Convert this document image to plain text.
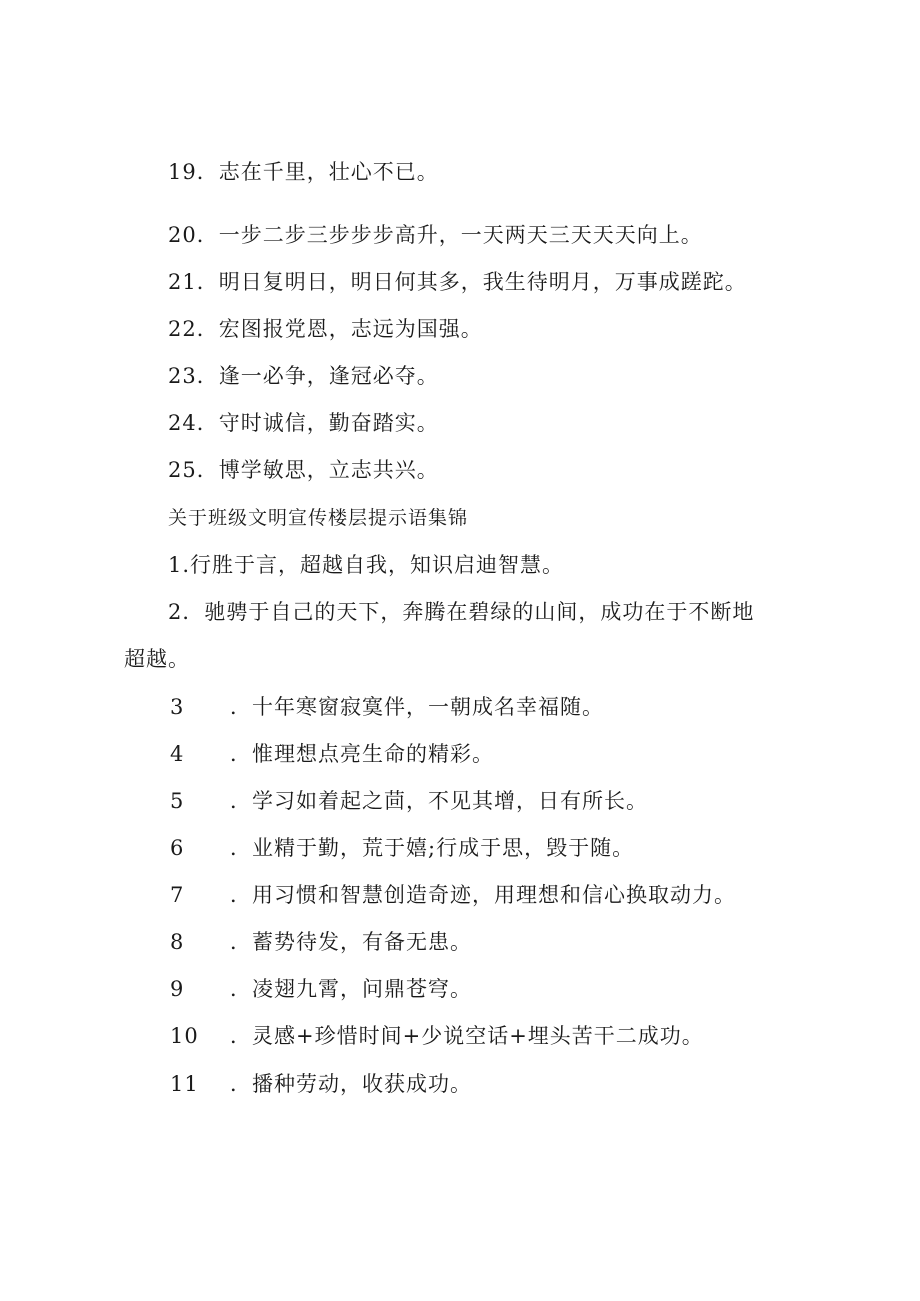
19．志在千里，壮心不已。
20．一步二步三步步步高升，一天两天三天天天向上。
21．明日复明日，明日何其多，我生待明月，万事成蹉跎。
22．宏图报党恩，志远为国强。
23．逢一必争，逢冠必夺。
24．守时诚信，勤奋踏实。
25．博学敏思，立志共兴。
关于班级文明宣传楼层提示语集锦
1.行胜于言，超越自我，知识启迪智慧。
2．驰骋于自己的天下，奔腾在碧绿的山间，成功在于不断地
超越。
3 ．十年寒窗寂寞伴，一朝成名幸福随。
4 ．惟理想点亮生命的精彩。
5 ．学习如着起之茴，不见其增，日有所长。
6 ．业精于勤，荒于嬉;行成于思，毁于随。
7 ．用习惯和智慧创造奇迹，用理想和信心换取动力。
8 ．蓄势待发，有备无患。
9 ．凌翅九霄，问鼎苍穹。
10 ．灵感+珍惜时间+少说空话+埋头苦干二成功。
11 ．播种劳动，收获成功。
